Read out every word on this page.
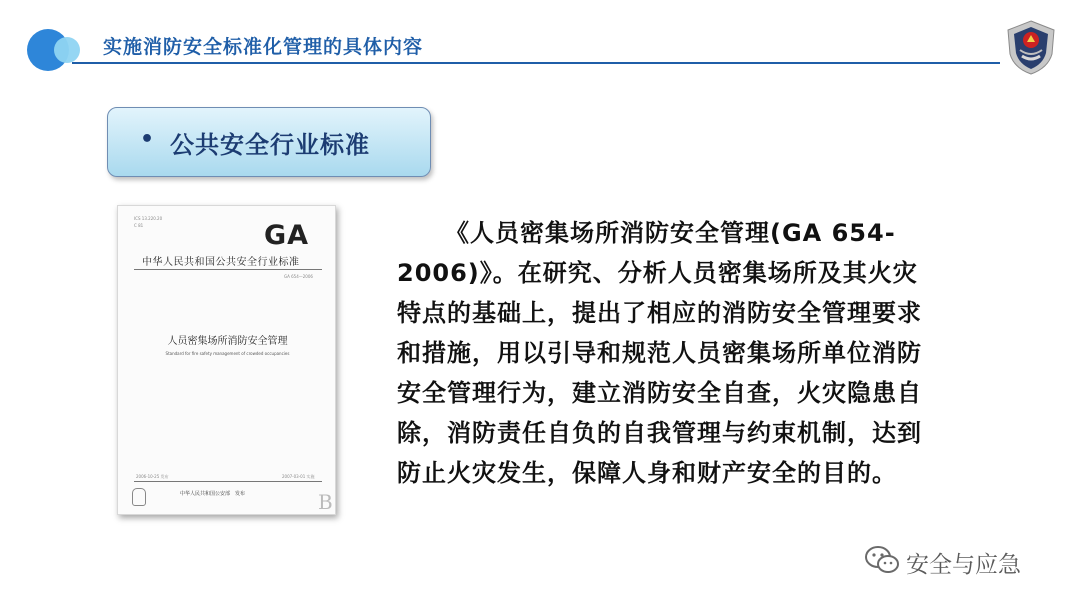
实施消防安全标准化管理的具体内容
• 公共安全行业标准
ICS 13.220.20
C 81	GA
中华人民共和国公共安全行业标准
GA 654—2006
人员密集场所消防安全管理
Standard for fire safety management of crowded occupancies
2006-10-25 发布	2007-03-01 实施
中华人民共和国公安部　发布	B
《人员密集场所消防安全管理(GA 654-
2006)》。在研究、分析人员密集场所及其火灾
特点的基础上，提出了相应的消防安全管理要求
和措施，用以引导和规范人员密集场所单位消防
安全管理行为，建立消防安全自查，火灾隐患自
除，消防责任自负的自我管理与约束机制，达到
防止火灾发生，保障人身和财产安全的目的。
安全与应急
